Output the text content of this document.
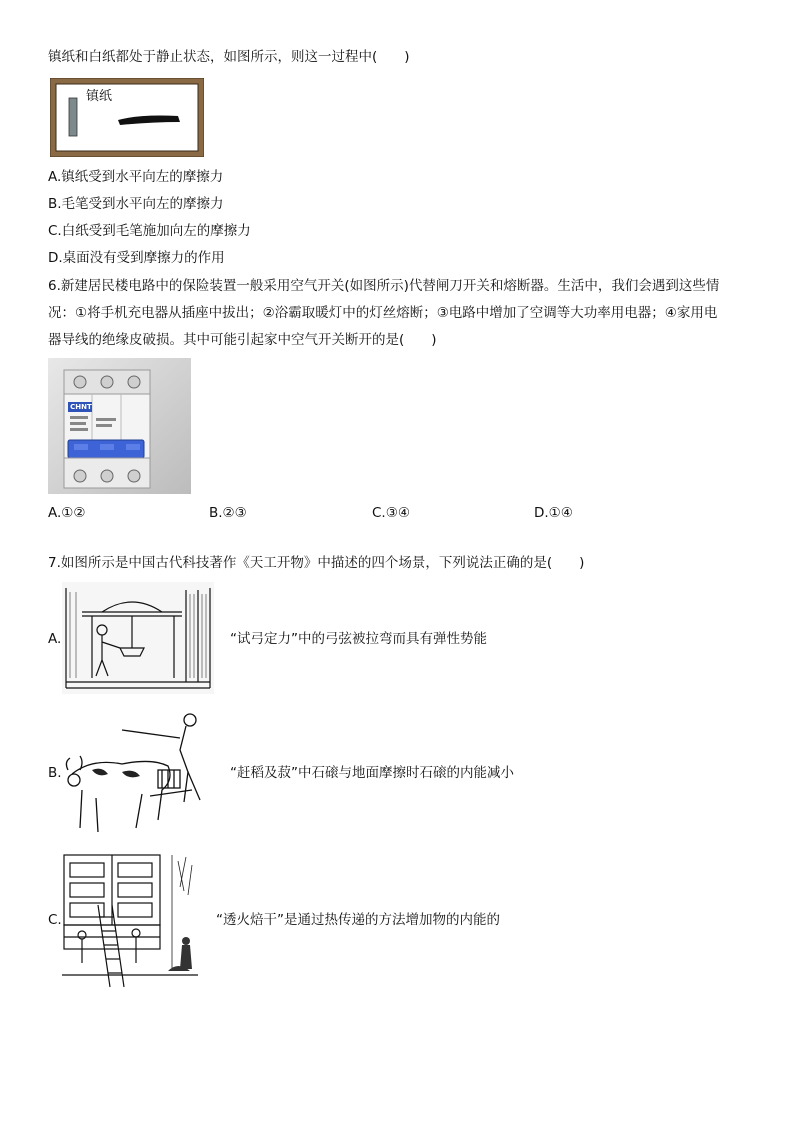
镇纸和白纸都处于静止状态，如图所示，则这一过程中(　　)
镇纸
A.镇纸受到水平向左的摩擦力
B.毛笔受到水平向左的摩擦力
C.白纸受到毛笔施加向左的摩擦力
D.桌面没有受到摩擦力的作用
6.新建居民楼电路中的保险装置一般采用空气开关(如图所示)代替闸刀开关和熔断器。生活中，我们会遇到这些情
况：①将手机充电器从插座中拔出；②浴霸取暖灯中的灯丝熔断；③电路中增加了空调等大功率用电器；④家用电
器导线的绝缘皮破损。其中可能引起家中空气开关断开的是(　　)
CHNT
A.①②	B.②③	C.③④	D.①④
7.如图所示是中国古代科技著作《天工开物》中描述的四个场景，下列说法正确的是(　　)
A.	“试弓定力”中的弓弦被拉弯而具有弹性势能
B.	“赶稻及菽”中石磙与地面摩擦时石磙的内能减小
C.	“透火焙干”是通过热传递的方法增加物的内能的
